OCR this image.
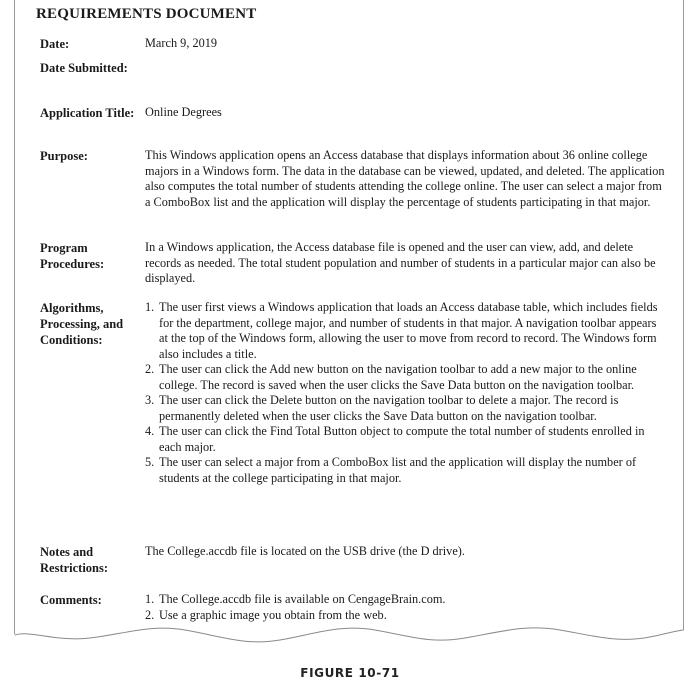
REQUIREMENTS DOCUMENT
Date:	March 9, 2019
Date Submitted:
Application Title: Online Degrees
Purpose:	This Windows application opens an Access database that displays information about 36 online college majors in a Windows form. The data in the database can be viewed, updated, and deleted. The application also computes the total number of students attending the college online. The user can select a major from a ComboBox list and the application will display the percentage of students participating in that major.

Program Procedures:

In a Windows application, the Access database file is opened and the user can view, add, and delete records as needed. The total student population and number of students in a particular major can also be displayed.

Algorithms, Processing, and Conditions:
1. The user first views a Windows application that loads an Access database table, which includes fields for the department, college major, and number of students in that major. A navigation toolbar appears at the top of the Windows form, allowing the user to move from record to record. The Windows form also includes a title.
2. The user can click the Add new button on the navigation toolbar to add a new major to the online college. The record is saved when the user clicks the Save Data button on the navigation toolbar.
3. The user can click the Delete button on the navigation toolbar to delete a major. The record is permanently deleted when the user clicks the Save Data button on the navigation toolbar.
4. The user can click the Find Total Button object to compute the total number of students enrolled in each major.
5. The user can select a major from a ComboBox list and the application will display the number of students at the college participating in that major.
Notes and Restrictions:
The College.accdb file is located on the USB drive (the D drive).
Comments:	1. The College.accdb file is available on CengageBrain.com.
2. Use a graphic image you obtain from the web.
FIGURE 10-71
